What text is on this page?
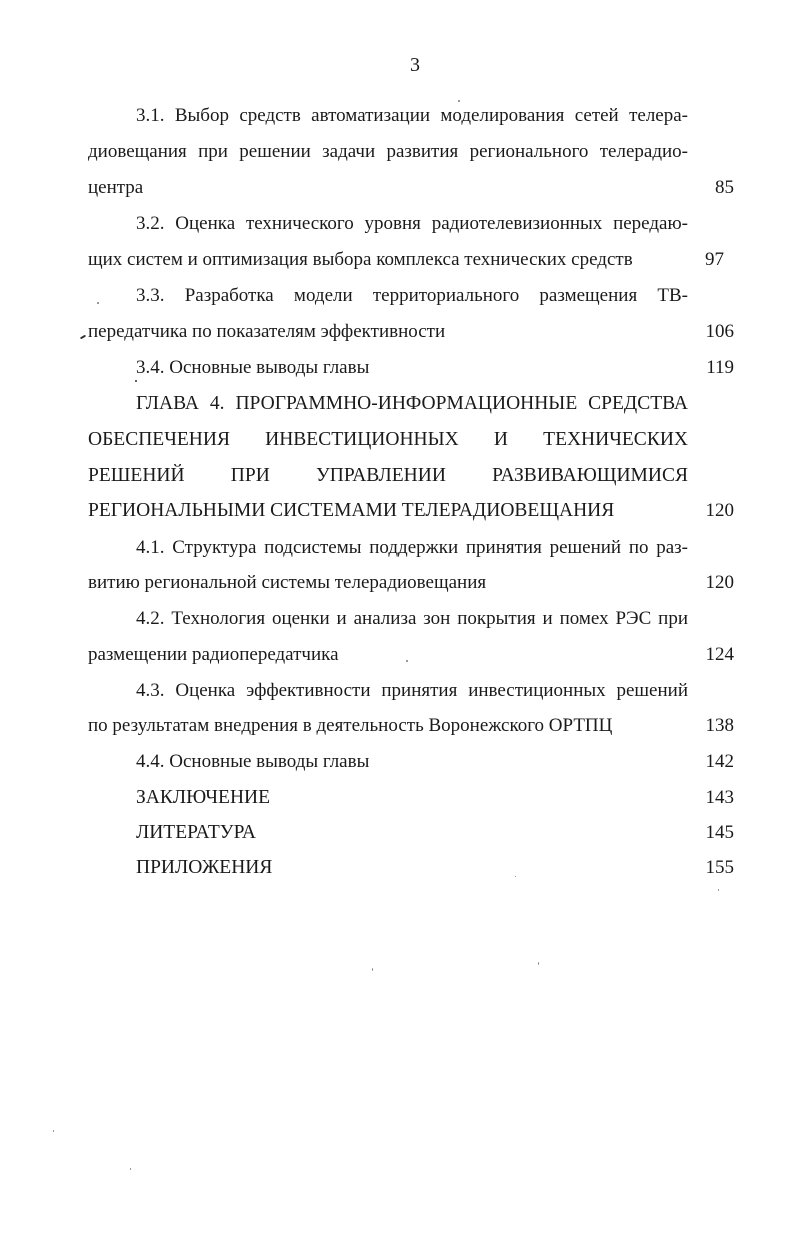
3
3.1. Выбор средств автоматизации моделирования сетей телера-
диовещания при решении задачи развития регионального телерадио-
центра	85
3.2. Оценка технического уровня радиотелевизионных передаю-
щих систем и оптимизация выбора комплекса технических средств	97
3.3. Разработка модели территориального размещения ТВ-
передатчика по показателям эффективности	106
3.4. Основные выводы главы	119
ГЛАВА 4. ПРОГРАММНО-ИНФОРМАЦИОННЫЕ СРЕДСТВА
ОБЕСПЕЧЕНИЯ ИНВЕСТИЦИОННЫХ И ТЕХНИЧЕСКИХ
РЕШЕНИЙ ПРИ УПРАВЛЕНИИ РАЗВИВАЮЩИМИСЯ
РЕГИОНАЛЬНЫМИ СИСТЕМАМИ ТЕЛЕРАДИОВЕЩАНИЯ	120
4.1. Структура подсистемы поддержки принятия решений по раз-
витию региональной системы телерадиовещания	120
4.2. Технология оценки и анализа зон покрытия и помех РЭС при
размещении радиопередатчика	124
4.3. Оценка эффективности принятия инвестиционных решений
по результатам внедрения в деятельность Воронежского ОРТПЦ	138
4.4. Основные выводы главы	142
ЗАКЛЮЧЕНИЕ	143
ЛИТЕРАТУРА	145
ПРИЛОЖЕНИЯ	155
